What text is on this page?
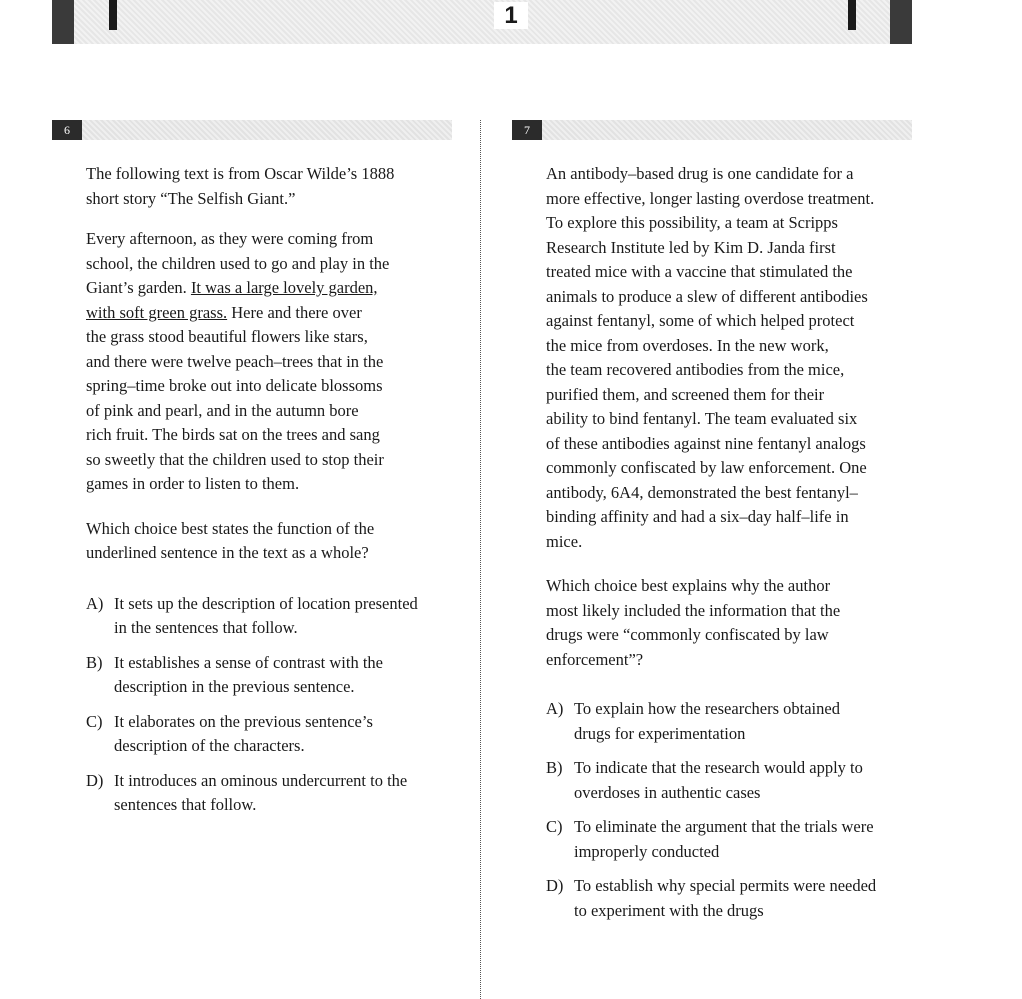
1
6	7

The following text is from Oscar Wilde’s 1888
short story “The Selfish Giant.”

Every afternoon, as they were coming from
school, the children used to go and play in the
Giant’s garden. It was a large lovely garden,
with soft green grass. Here and there over
the grass stood beautiful flowers like stars,
and there were twelve peach–trees that in the
spring–time broke out into delicate blossoms
of pink and pearl, and in the autumn bore
rich fruit. The birds sat on the trees and sang
so sweetly that the children used to stop their
games in order to listen to them.

Which choice best states the function of the
underlined sentence in the text as a whole?

A) It sets up the description of location presented
in the sentences that follow.

B) It establishes a sense of contrast with the
description in the previous sentence.

C) It elaborates on the previous sentence’s
description of the characters.

D) It introduces an ominous undercurrent to the
sentences that follow.

An antibody–based drug is one candidate for a
more effective, longer lasting overdose treatment.
To explore this possibility, a team at Scripps
Research Institute led by Kim D. Janda first
treated mice with a vaccine that stimulated the
animals to produce a slew of different antibodies
against fentanyl, some of which helped protect
the mice from overdoses. In the new work,
the team recovered antibodies from the mice,
purified them, and screened them for their
ability to bind fentanyl. The team evaluated six
of these antibodies against nine fentanyl analogs
commonly confiscated by law enforcement. One
antibody, 6A4, demonstrated the best fentanyl–
binding affinity and had a six–day half–life in
mice.

Which choice best explains why the author
most likely included the information that the
drugs were “commonly confiscated by law
enforcement”?

A) To explain how the researchers obtained
drugs for experimentation

B) To indicate that the research would apply to
overdoses in authentic cases

C) To eliminate the argument that the trials were
improperly conducted

D) To establish why special permits were needed
to experiment with the drugs
